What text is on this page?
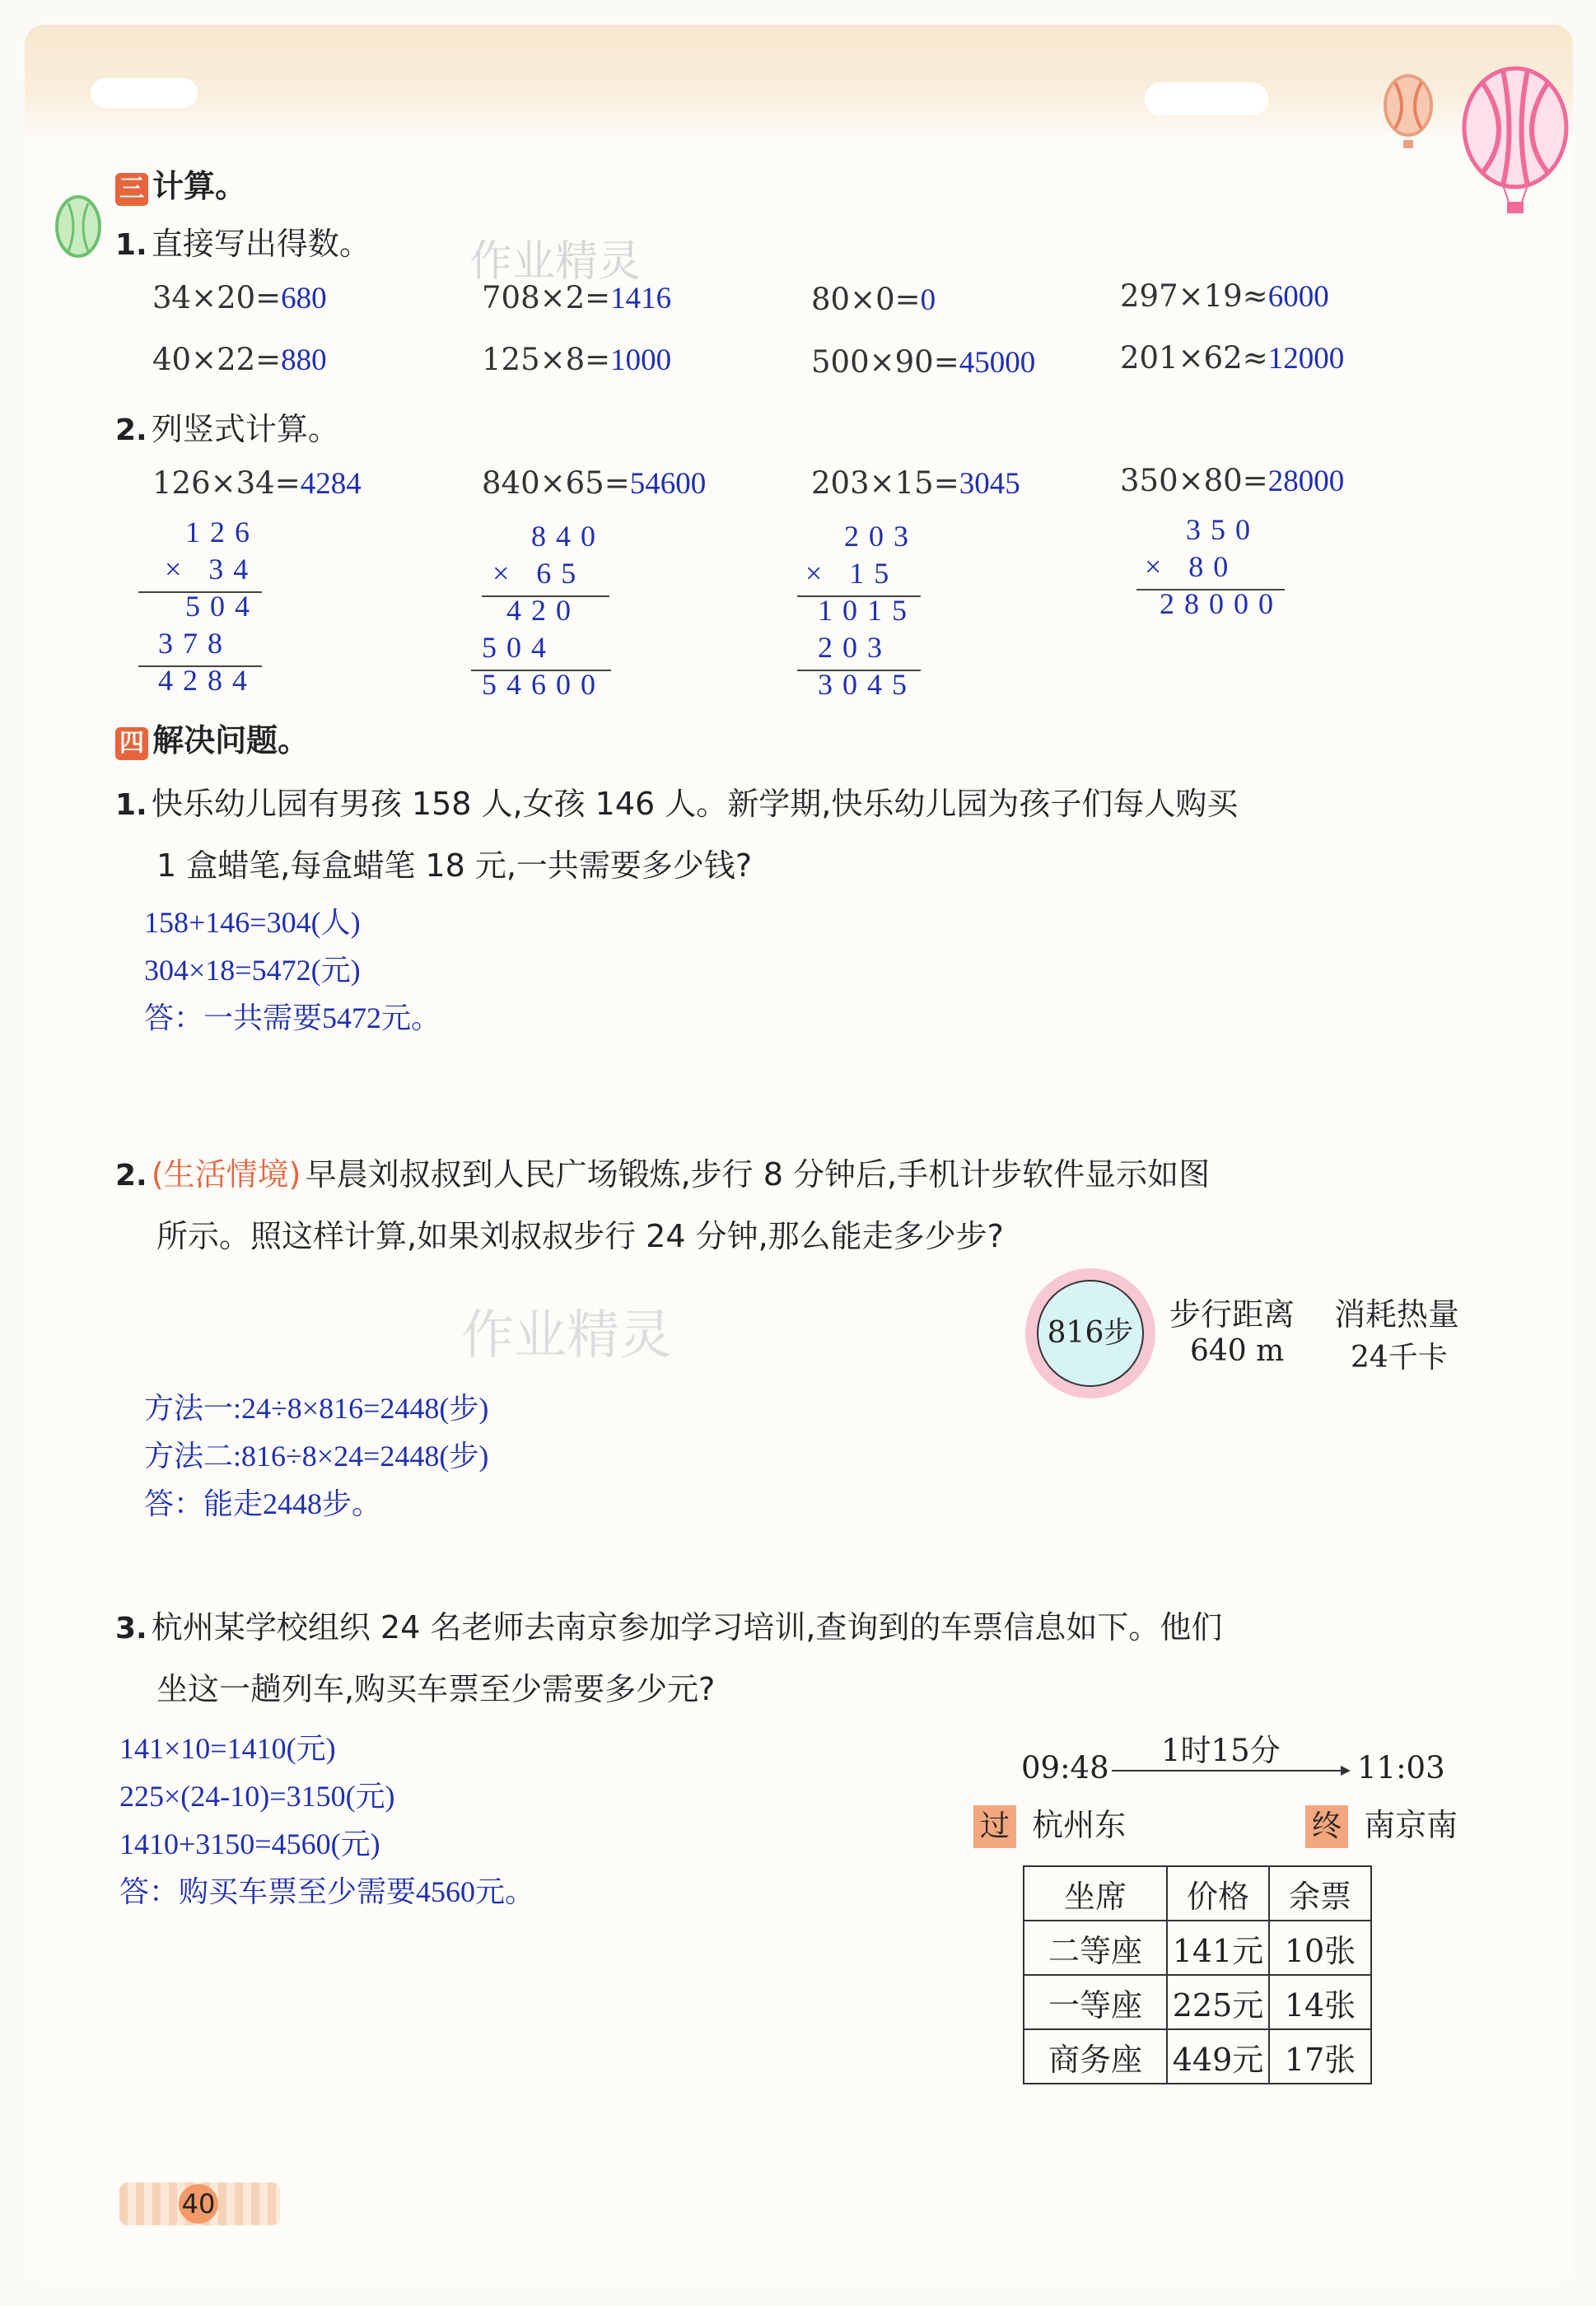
三 计算。
1. 直接写出得数。 作业精灵
34×20=680	708×2=1416	80×0=0	297×19≈6000
40×22=880	125×8=1000	500×90=45000	201×62≈12000
2. 列竖式计算。
126×34=4284	840×65=54600	203×15=3045	350×80=28000
126
× 34
504
378
4284
840
× 65
420
504
54600
203
× 15
1015
203
3045
350
× 80
28000
四 解决问题。
1. 快乐幼儿园有男孩 158 人,女孩 146 人。新学期,快乐幼儿园为孩子们每人购买
1 盒蜡笔,每盒蜡笔 18 元,一共需要多少钱?
158+146=304(人)
304×18=5472(元)
答：一共需要5472元。
2. (生活情境) 早晨刘叔叔到人民广场锻炼,步行 8 分钟后,手机计步软件显示如图
所示。照这样计算,如果刘叔叔步行 24 分钟,那么能走多少步?
作业精灵	816步
步行距离
640 m
消耗热量
24千卡
方法一:24÷8×816=2448(步)
方法二:816÷8×24=2448(步)
答：能走2448步。
3. 杭州某学校组织 24 名老师去南京参加学习培训,查询到的车票信息如下。他们
坐这一趟列车,购买车票至少需要多少元?
141×10=1410(元)
225×(24-10)=3150(元)
1410+3150=4560(元)
答：购买车票至少需要4560元。
09:48 1时15分	11:03
过 杭州东	终 南京南
坐席	价格	余票
二等座	141元	10张
一等座	225元	14张
商务座	449元	17张
40
